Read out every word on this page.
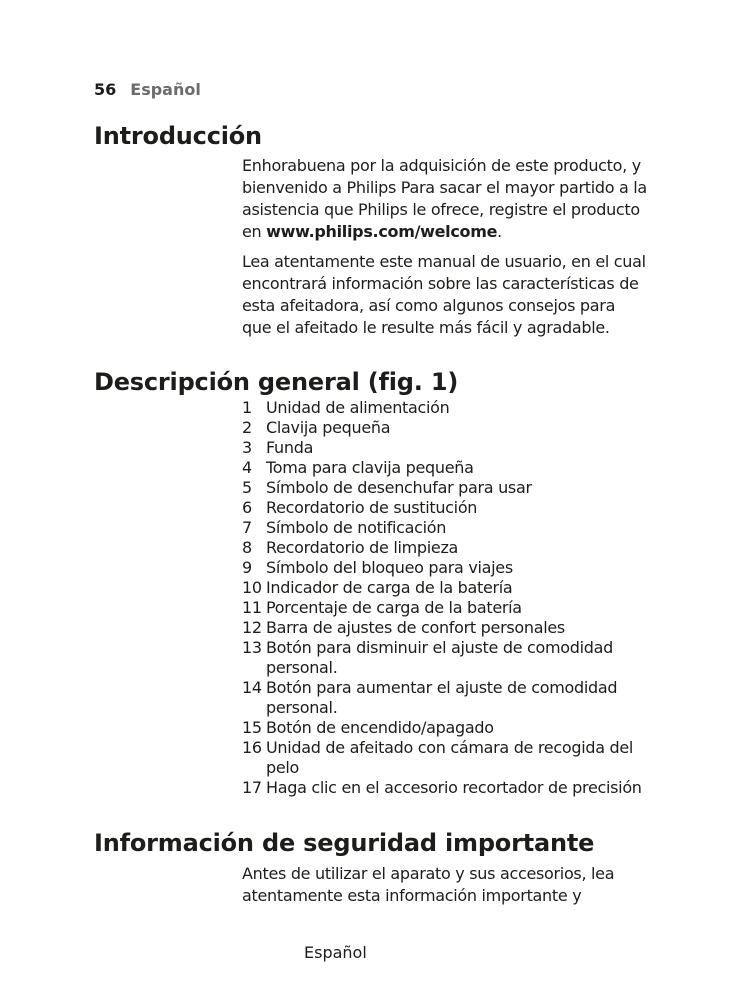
56 Español
Introducción

Enhorabuena por la adquisición de este producto, y bienvenido a Philips Para sacar el mayor partido a la asistencia que Philips le ofrece, registre el producto en www.philips.com/welcome.

Lea atentamente este manual de usuario, en el cual encontrará información sobre las características de esta afeitadora, así como algunos consejos para que el afeitado le resulte más fácil y agradable.

Descripción general (fig. 1)
1 Unidad de alimentación
2 Clavija pequeña
3 Funda
4 Toma para clavija pequeña
5 Símbolo de desenchufar para usar
6 Recordatorio de sustitución
7 Símbolo de notificación
8 Recordatorio de limpieza
9 Símbolo del bloqueo para viajes
10 Indicador de carga de la batería
11 Porcentaje de carga de la batería
12 Barra de ajustes de confort personales
13 Botón para disminuir el ajuste de comodidad personal.
14 Botón para aumentar el ajuste de comodidad personal.
15 Botón de encendido/apagado
16 Unidad de afeitado con cámara de recogida del pelo
17 Haga clic en el accesorio recortador de precisión
Información de seguridad importante

Antes de utilizar el aparato y sus accesorios, lea atentamente esta información importante y

Español
